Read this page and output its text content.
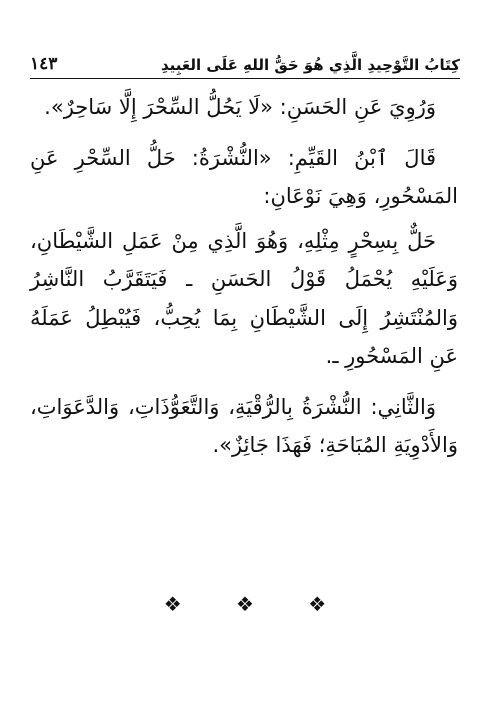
١٤٣	كِتَابُ التَّوْحِيدِ الَّذِي هُوَ حَقُّ اللهِ عَلَى العَبِيدِ

وَرُوِيَ عَنِ الحَسَنِ: «لَا يَحُلُّ السِّحْرَ إِلَّا سَاحِرٌ».

قَالَ ٱبْنُ القَيِّمِ: «النُّشْرَةُ: حَلُّ السِّحْرِ عَنِ المَسْحُورِ، وَهِيَ نَوْعَانِ:

حَلٌّ بِسِحْرٍ مِثْلِهِ، وَهُوَ الَّذِي مِنْ عَمَلِ الشَّيْطَانِ، وَعَلَيْهِ يُحْمَلُ قَوْلُ الحَسَنِ ـ فَيَتَقَرَّبُ النَّاشِرُ وَالمُنْتَشِرُ إِلَى الشَّيْطَانِ بِمَا يُحِبُّ، فَيُبْطِلُ عَمَلَهُ عَنِ المَسْحُورِ ـ.

وَالثَّانِي: النُّشْرَةُ بِالرُّقْيَةِ، وَالتَّعَوُّذَاتِ، وَالدَّعَوَاتِ، وَالأَدْوِيَةِ المُبَاحَةِ؛ فَهَذَا جَائِزٌ».

❖ ❖ ❖
